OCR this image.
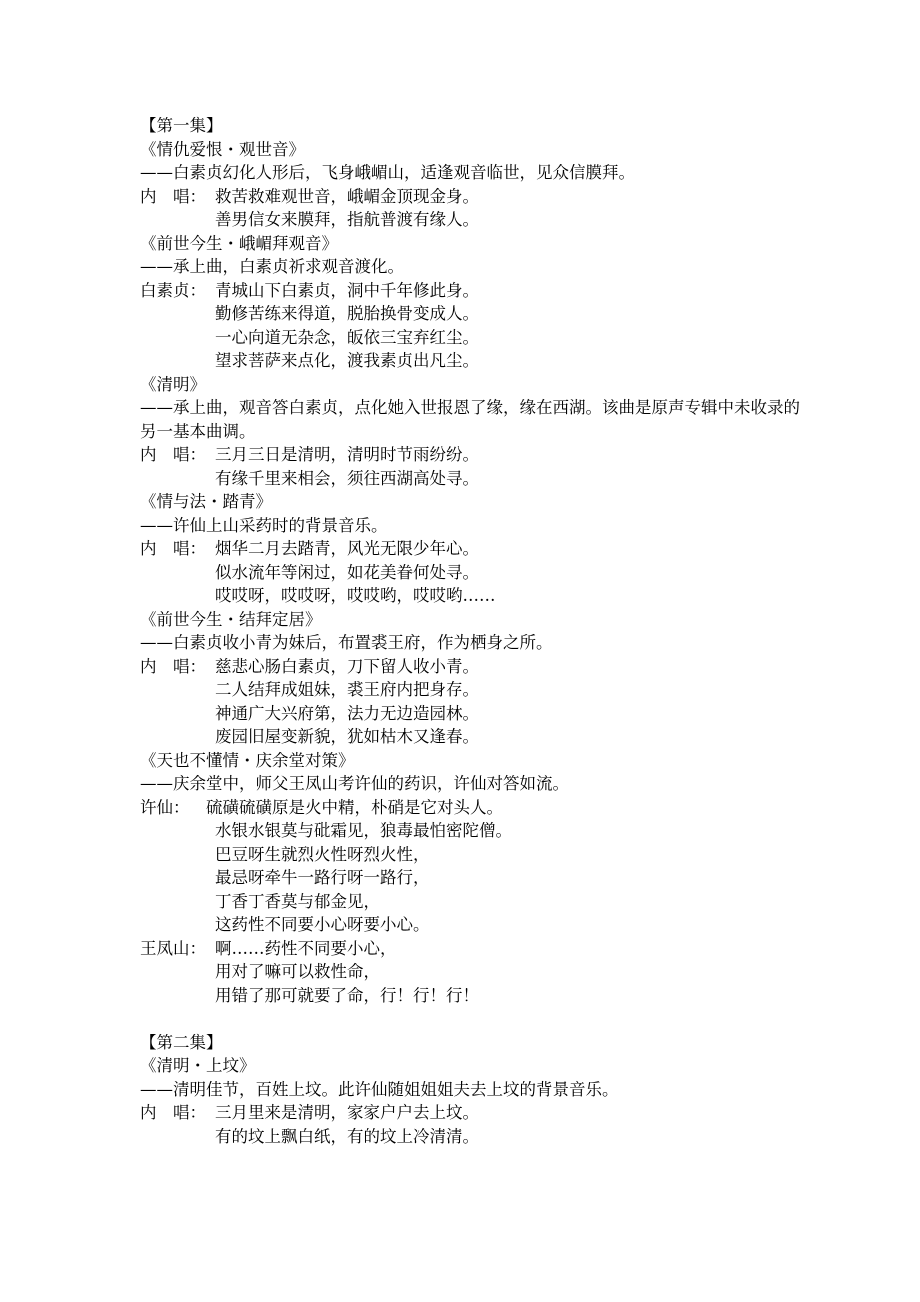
【第一集】
《情仇爱恨・观世音》
——白素贞幻化人形后，飞身峨嵋山，适逢观音临世，见众信膜拜。
内　唱： 救苦救难观世音，峨嵋金顶现金身。
善男信女来膜拜，指航普渡有缘人。
《前世今生・峨嵋拜观音》
——承上曲，白素贞祈求观音渡化。
白素贞： 青城山下白素贞，洞中千年修此身。
勤修苦练来得道，脱胎换骨变成人。
一心向道无杂念，皈依三宝弃红尘。
望求菩萨来点化，渡我素贞出凡尘。
《清明》
——承上曲，观音答白素贞，点化她入世报恩了缘，缘在西湖。该曲是原声专辑中未收录的另一基本曲调。
内　唱： 三月三日是清明，清明时节雨纷纷。
有缘千里来相会，须往西湖高处寻。
《情与法・踏青》
——许仙上山采药时的背景音乐。
内　唱： 烟华二月去踏青，风光无限少年心。
似水流年等闲过，如花美眷何处寻。
哎哎呀，哎哎呀，哎哎哟，哎哎哟……
《前世今生・结拜定居》
——白素贞收小青为妹后，布置裘王府，作为栖身之所。
内　唱： 慈悲心肠白素贞，刀下留人收小青。
二人结拜成姐妹，裘王府内把身存。
神通广大兴府第，法力无边造园林。
废园旧屋变新貌，犹如枯木又逢春。
《天也不懂情・庆余堂对策》
——庆余堂中，师父王凤山考许仙的药识，许仙对答如流。
许仙：	硫磺硫磺原是火中精，朴硝是它对头人。
水银水银莫与砒霜见，狼毒最怕密陀僧。
巴豆呀生就烈火性呀烈火性，
最忌呀牵牛一路行呀一路行，
丁香丁香莫与郁金见，
这药性不同要小心呀要小心。
王凤山： 啊……药性不同要小心，
用对了嘛可以救性命，
用错了那可就要了命，行！行！行！
【第二集】
《清明・上坟》
——清明佳节，百姓上坟。此许仙随姐姐姐夫去上坟的背景音乐。
内　唱： 三月里来是清明，家家户户去上坟。
有的坟上飘白纸，有的坟上冷清清。
